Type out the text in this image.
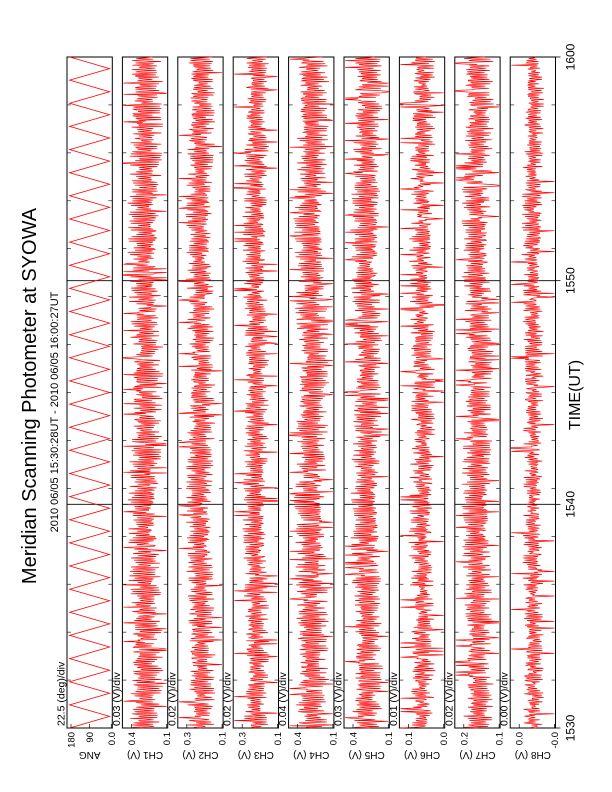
Meridian Scanning Photometer at SYOWA 2010 06/05 15:30:28UT - 2010 06/05 16:00:27UT	TIME(UT)
22.5 (deg)/div
ANG
180 90 0.0
0.03 (V)/div
CH1 (V)
0.4	0.1
0.02 (V)/div
CH2 (V)
0.3	0.1
0.02 (V)/div
CH3 (V)
0.3	0.1
0.04 (V)/div
CH4 (V)
0.4	0.1
0.03 (V)/div
CH5 (V)
0.4	0.1
0.01 (V)/div
CH6 (V)
0.1	0.0
0.02 (V)/div
CH7 (V)
0.2	0.1
0.00 (V)/div
CH8 (V)
0.0	-0.0 1530
1540
1550
1600
